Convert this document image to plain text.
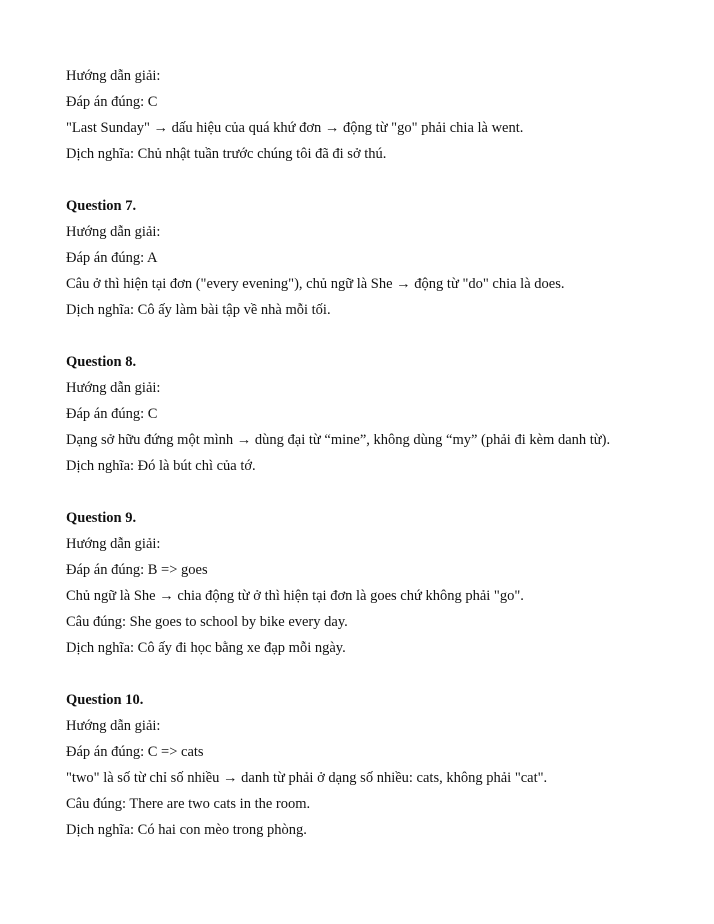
Hướng dẫn giải:
Đáp án đúng: C
"Last Sunday" → dấu hiệu của quá khứ đơn → động từ "go" phải chia là went.
Dịch nghĩa: Chủ nhật tuần trước chúng tôi đã đi sở thú.
Question 7.
Hướng dẫn giải:
Đáp án đúng: A
Câu ở thì hiện tại đơn ("every evening"), chủ ngữ là She → động từ "do" chia là does.
Dịch nghĩa: Cô ấy làm bài tập về nhà mỗi tối.
Question 8.
Hướng dẫn giải:
Đáp án đúng: C
Dạng sở hữu đứng một mình → dùng đại từ “mine”, không dùng “my” (phải đi kèm danh từ).
Dịch nghĩa: Đó là bút chì của tớ.
Question 9.
Hướng dẫn giải:
Đáp án đúng: B => goes
Chủ ngữ là She → chia động từ ở thì hiện tại đơn là goes chứ không phải "go".
Câu đúng: She goes to school by bike every day.
Dịch nghĩa: Cô ấy đi học bằng xe đạp mỗi ngày.
Question 10.
Hướng dẫn giải:
Đáp án đúng: C => cats
"two" là số từ chỉ số nhiều → danh từ phải ở dạng số nhiều: cats, không phải "cat".
Câu đúng: There are two cats in the room.
Dịch nghĩa: Có hai con mèo trong phòng.
